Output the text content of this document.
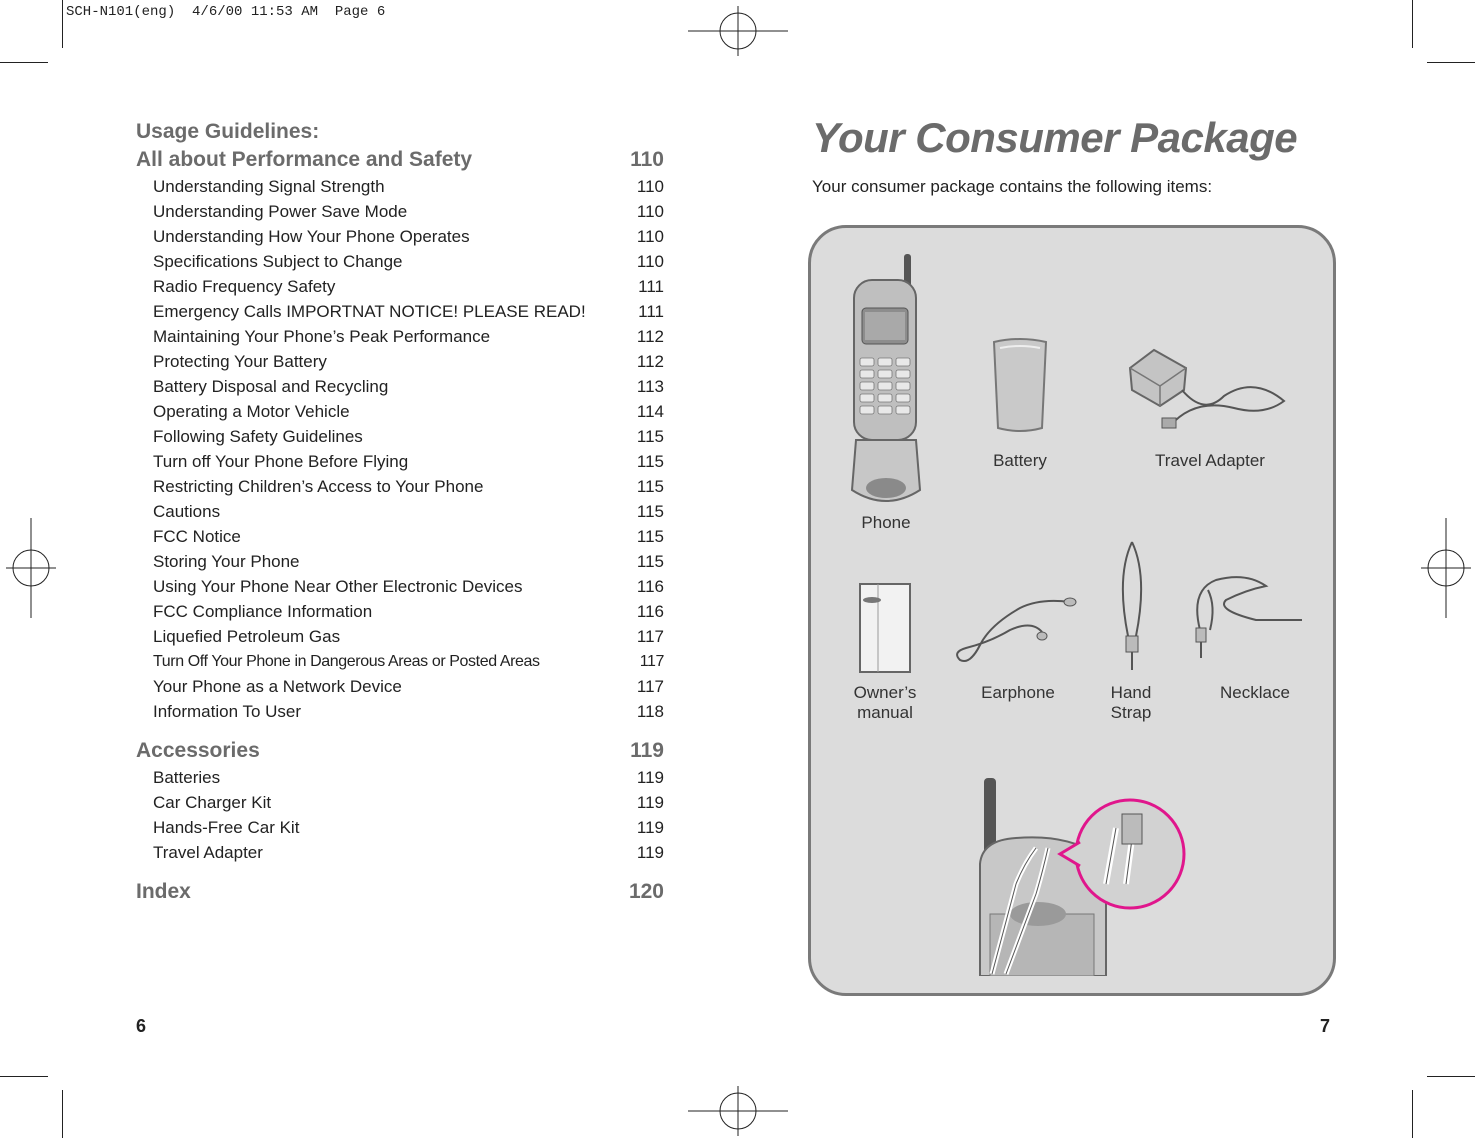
SCH-N101(eng)  4/6/00 11:53 AM  Page 6
Usage Guidelines:
All about Performance and Safety	110
Understanding Signal Strength	110
Understanding Power Save Mode	110
Understanding How Your Phone Operates	110
Specifications Subject to Change	110
Radio Frequency Safety	111
Emergency Calls IMPORTNAT NOTICE! PLEASE READ!	111
Maintaining Your Phone’s Peak Performance	112
Protecting Your Battery	112
Battery Disposal and Recycling	113
Operating a Motor Vehicle	114
Following Safety Guidelines	115
Turn off Your Phone Before Flying	115
Restricting Children’s Access to Your Phone	115
Cautions	115
FCC Notice	115
Storing Your Phone	115
Using Your Phone Near Other Electronic Devices	116
FCC Compliance Information	116
Liquefied Petroleum Gas	117
Turn Off Your Phone in Dangerous Areas or Posted Areas	117
Your Phone as a Network Device	117
Information To User	118
Accessories	119
Batteries	119
Car Charger Kit	119
Hands-Free Car Kit	119
Travel Adapter	119
Index	120
6
Your Consumer Package
Your consumer package contains the following items:
Phone
Battery	Travel Adapter
Owner’s
manual
Earphone	Hand
Strap
Necklace
7
